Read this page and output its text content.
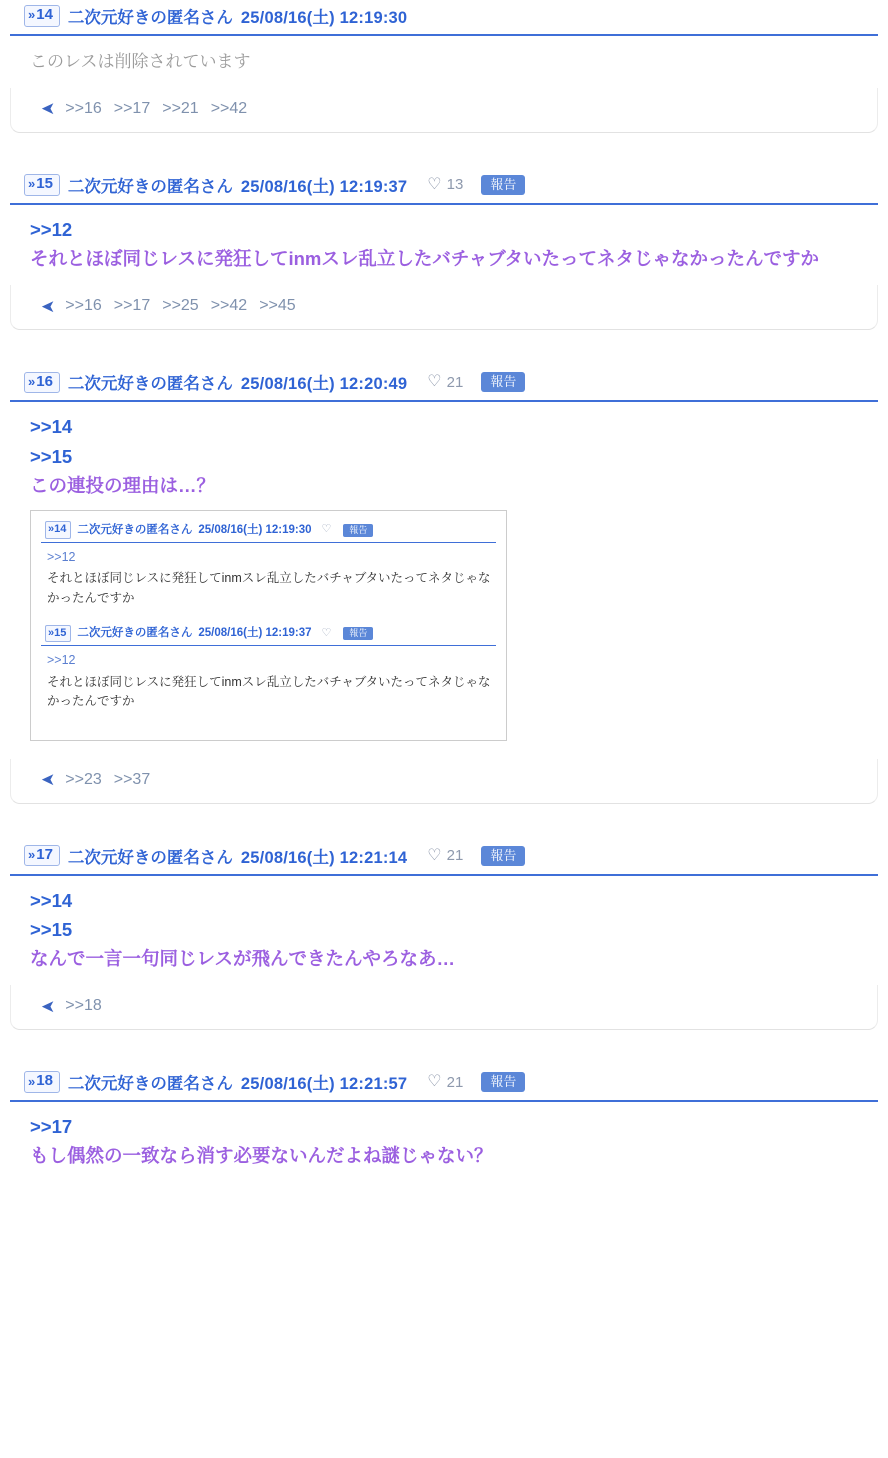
» 14 二次元好きの匿名さん 25/08/16(土) 12:19:30
このレスは削除されています
➤ >>16 >>17 >>21 >>42
» 15 二次元好きの匿名さん 25/08/16(土) 12:19:37 ♡ 13	報告
>>12
それとほぼ同じレスに発狂してinmスレ乱立したバチャブタいたってネタじゃなかったんですか
➤ >>16 >>17 >>25 >>42 >>45
» 16 二次元好きの匿名さん 25/08/16(土) 12:20:49 ♡ 21	報告
>>14
>>15
この連投の理由は…？
»14 二次元好きの匿名さん 25/08/16(土) 12:19:30 ♡	報告
>>12
それとほぼ同じレスに発狂してinmスレ乱立したバチャブタいたってネタじゃなかったんですか
»15 二次元好きの匿名さん 25/08/16(土) 12:19:37 ♡	報告
>>12
それとほぼ同じレスに発狂してinmスレ乱立したバチャブタいたってネタじゃなかったんですか
➤ >>23 >>37
» 17 二次元好きの匿名さん 25/08/16(土) 12:21:14 ♡ 21	報告
>>14
>>15
なんで一言一句同じレスが飛んできたんやろなあ…
➤ >>18
» 18 二次元好きの匿名さん 25/08/16(土) 12:21:57 ♡ 21	報告
>>17
もし偶然の一致なら消す必要ないんだよね謎じゃない？
